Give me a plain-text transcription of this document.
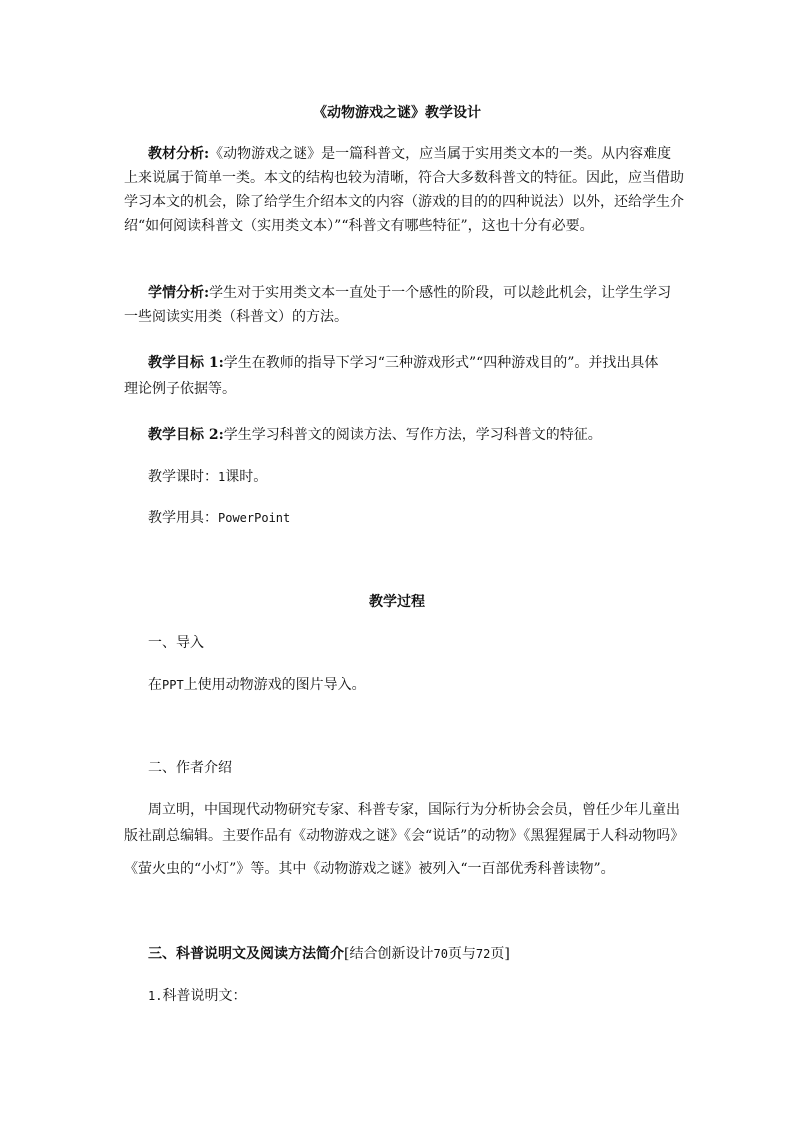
《动物游戏之谜》教学设计
教材分析:《动物游戏之谜》是一篇科普文，应当属于实用类文本的一类。从内容难度
上来说属于简单一类。本文的结构也较为清晰，符合大多数科普文的特征。因此，应当借助
学习本文的机会，除了给学生介绍本文的内容（游戏的目的的四种说法）以外，还给学生介
绍“如何阅读科普文（实用类文本）”“科普文有哪些特征”，这也十分有必要。
学情分析:学生对于实用类文本一直处于一个感性的阶段，可以趁此机会，让学生学习
一些阅读实用类（科普文）的方法。
教学目标 1:学生在教师的指导下学习“三种游戏形式”“四种游戏目的”。并找出具体
理论例子依据等。
教学目标 2:学生学习科普文的阅读方法、写作方法，学习科普文的特征。
教学课时：1课时。
教学用具：PowerPoint
教学过程
一、导入
在PPT上使用动物游戏的图片导入。
二、作者介绍
周立明，中国现代动物研究专家、科普专家，国际行为分析协会会员，曾任少年儿童出
版社副总编辑。主要作品有《动物游戏之谜》《会“说话”的动物》《黑猩猩属于人科动物吗》
《萤火虫的“小灯”》等。其中《动物游戏之谜》被列入“一百部优秀科普读物”。
三、科普说明文及阅读方法简介[结合创新设计70页与72页]
1.科普说明文：
